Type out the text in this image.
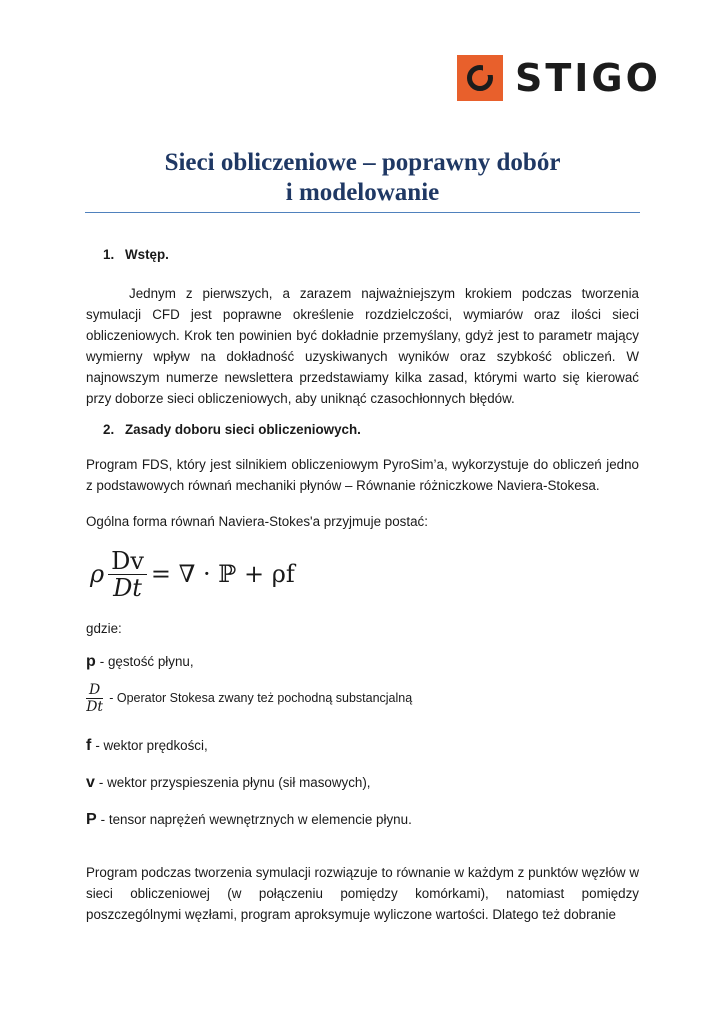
STIGO
Sieci obliczeniowe – poprawny dobór
i modelowanie

1. Wstęp.

Jednym z pierwszych, a zarazem najważniejszym krokiem podczas tworzenia symulacji CFD jest poprawne określenie rozdzielczości, wymiarów oraz ilości sieci obliczeniowych. Krok ten powinien być dokładnie przemyślany, gdyż jest to parametr mający wymierny wpływ na dokładność uzyskiwanych wyników oraz szybkość obliczeń. W najnowszym numerze newslettera przedstawiamy kilka zasad, którymi warto się kierować przy doborze sieci obliczeniowych, aby uniknąć czasochłonnych błędów.

2. Zasady doboru sieci obliczeniowych.

Program FDS, który jest silnikiem obliczeniowym PyroSim’a, wykorzystuje do obliczeń jedno z podstawowych równań mechaniki płynów – Równanie różniczkowe Naviera-Stokesa.

Ogólna forma równań Naviera-Stokes'a przyjmuje postać:

ρ $\frac{Dv}{Dt}$ = ∇ · ℙ + ρf

gdzie:

p - gęstość płynu,

$\frac{D}{Dt}$ - Operator Stokesa zwany też pochodną substancjalną

f - wektor prędkości,

v - wektor przyspieszenia płynu (sił masowych),

P - tensor naprężeń wewnętrznych w elemencie płynu.

Program podczas tworzenia symulacji rozwiązuje to równanie w każdym z punktów węzłów w sieci obliczeniowej (w połączeniu pomiędzy komórkami), natomiast pomiędzy poszczególnymi węzłami, program aproksymuje wyliczone wartości. Dlatego też dobranie
